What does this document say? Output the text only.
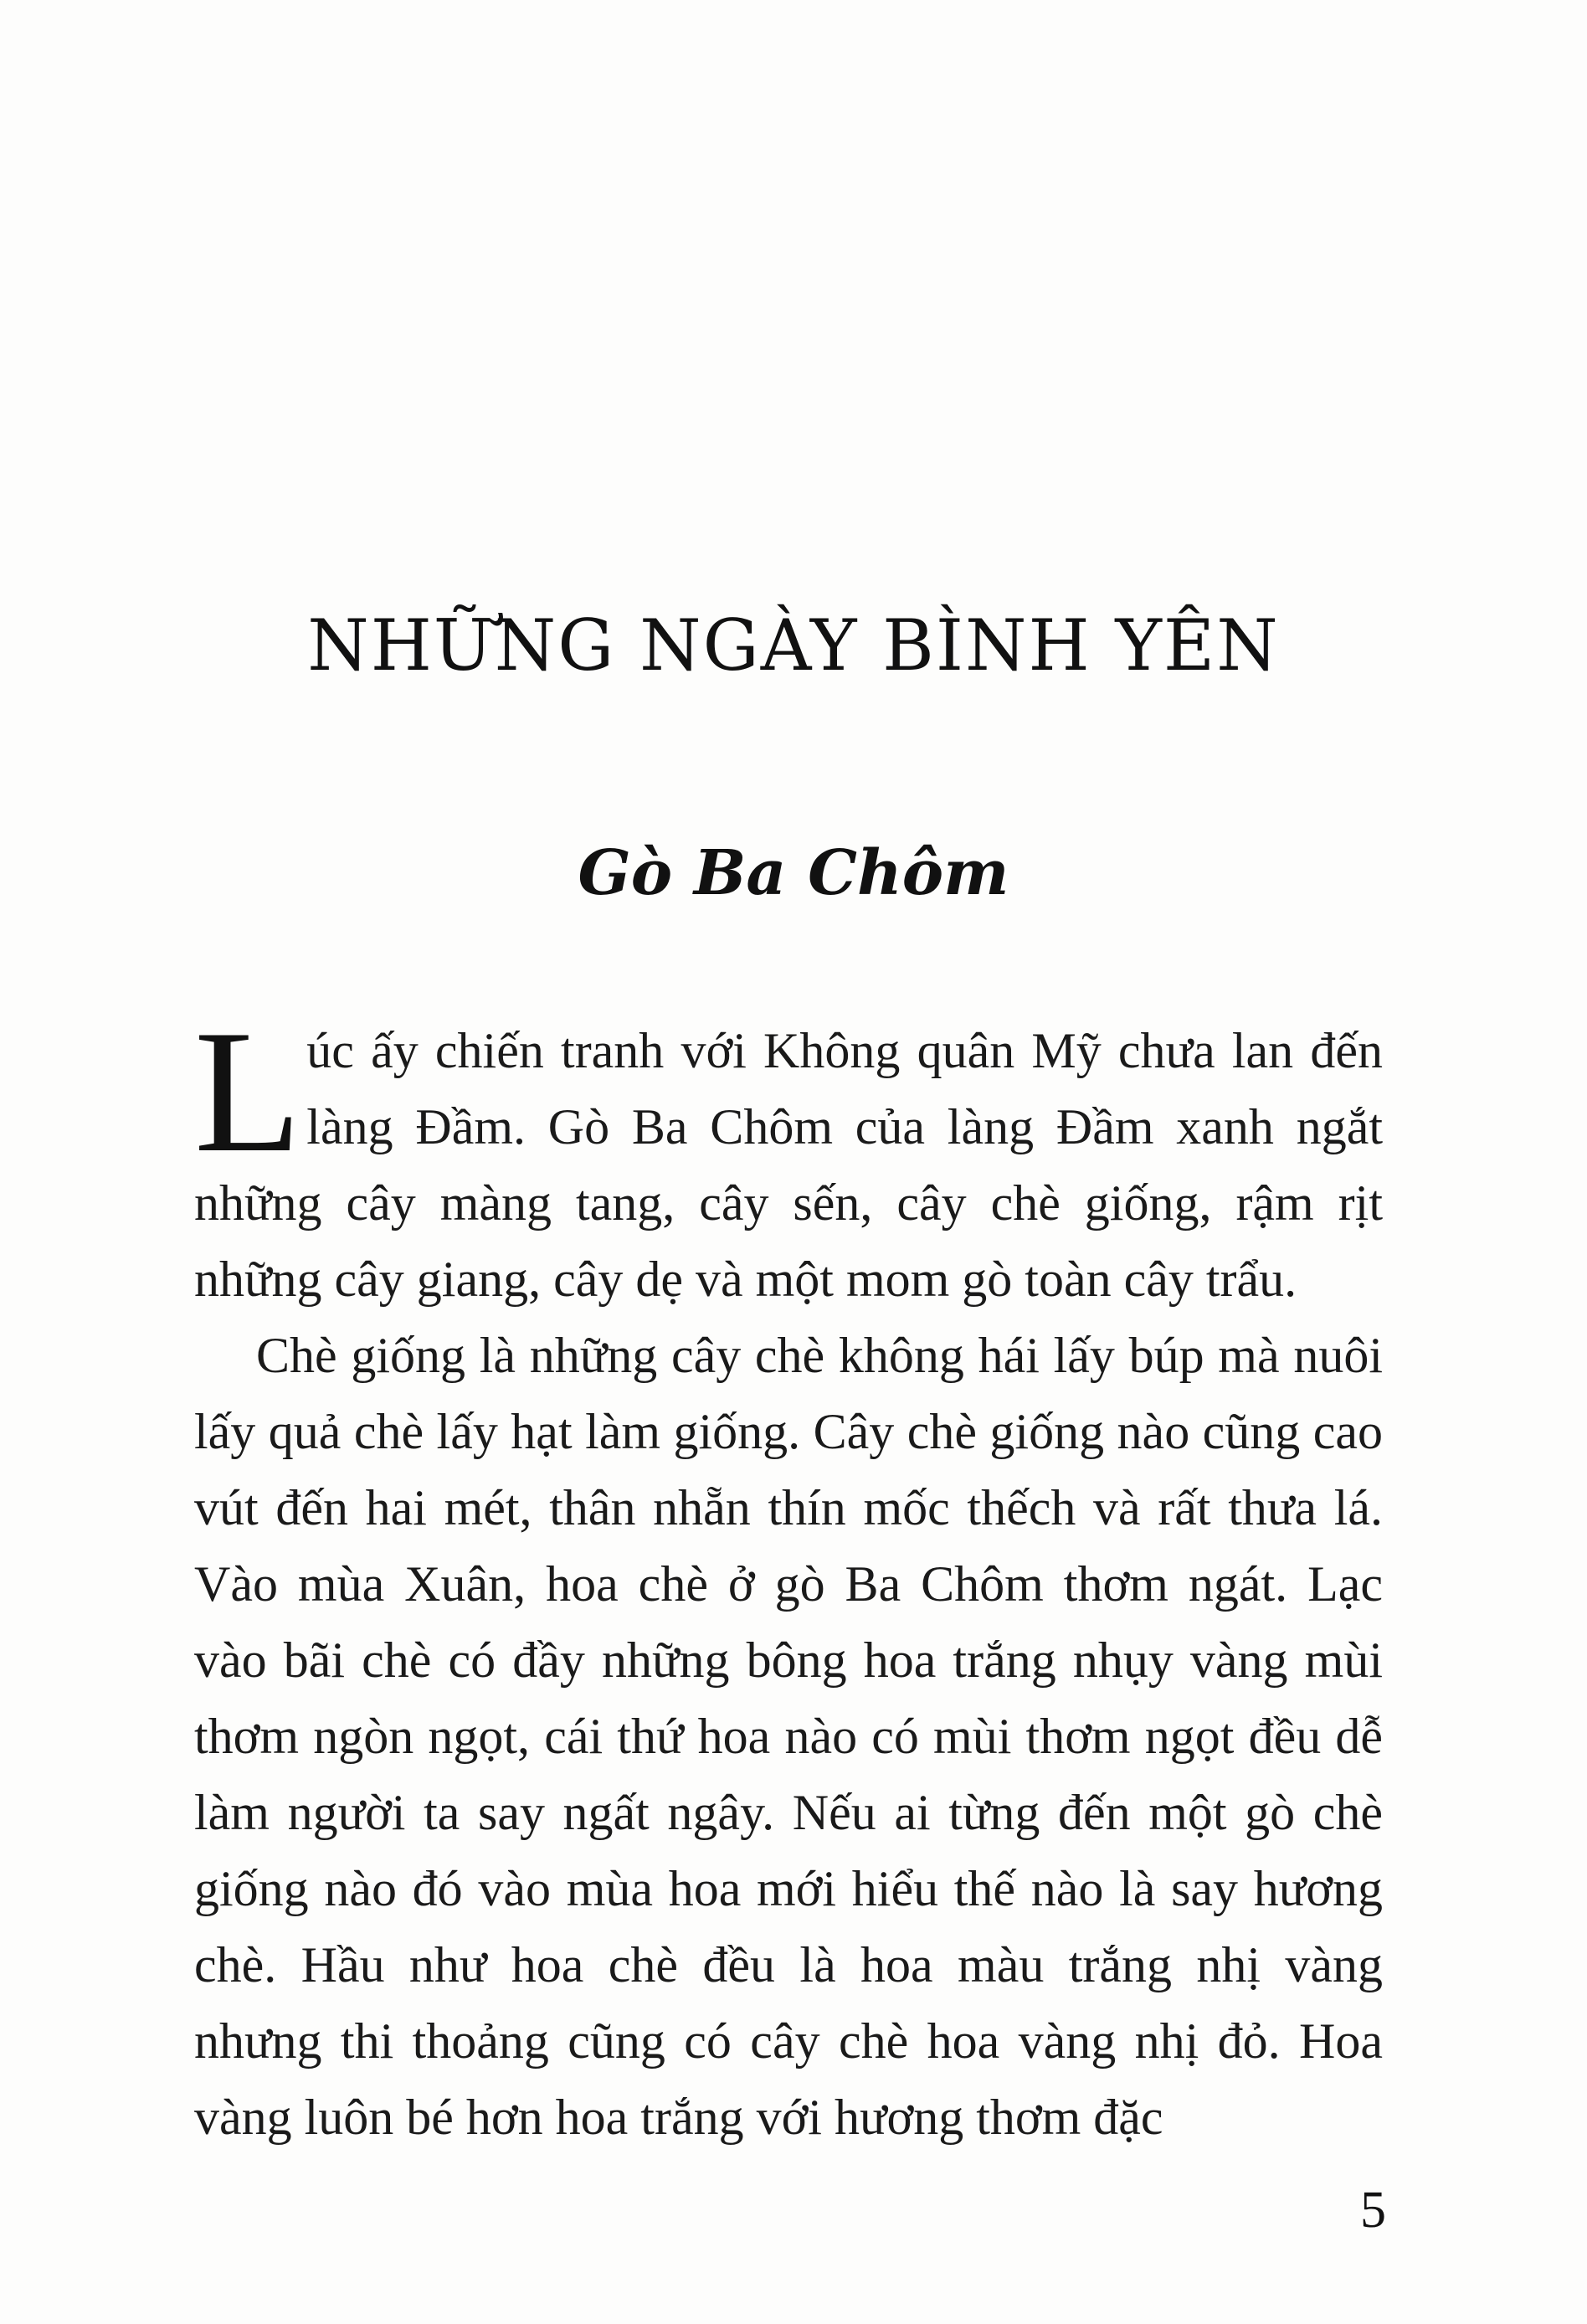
NHỮNG NGÀY BÌNH YÊN
Gò Ba Chôm

Lúc ấy chiến tranh với Không quân Mỹ chưa lan đến làng Đầm. Gò Ba Chôm của làng Đầm xanh ngắt những cây màng tang, cây sến, cây chè giống, rậm rịt những cây giang, cây dẹ và một mom gò toàn cây trẩu.

Chè giống là những cây chè không hái lấy búp mà nuôi lấy quả chè lấy hạt làm giống. Cây chè giống nào cũng cao vút đến hai mét, thân nhẵn thín mốc thếch và rất thưa lá. Vào mùa Xuân, hoa chè ở gò Ba Chôm thơm ngát. Lạc vào bãi chè có đầy những bông hoa trắng nhụy vàng mùi thơm ngòn ngọt, cái thứ hoa nào có mùi thơm ngọt đều dễ làm người ta say ngất ngây. Nếu ai từng đến một gò chè giống nào đó vào mùa hoa mới hiểu thế nào là say hương chè. Hầu như hoa chè đều là hoa màu trắng nhị vàng nhưng thi thoảng cũng có cây chè hoa vàng nhị đỏ. Hoa vàng luôn bé hơn hoa trắng với hương thơm đặc

5
